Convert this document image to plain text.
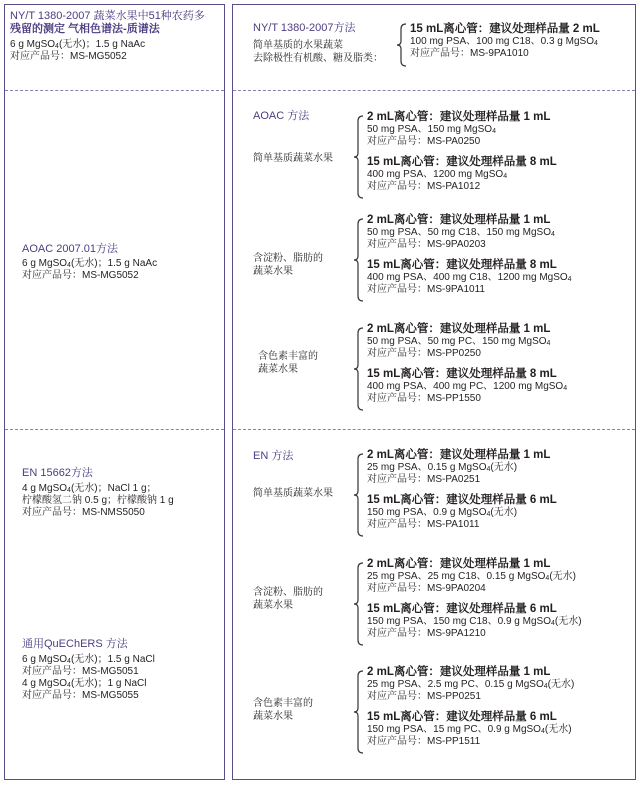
NY/T 1380-2007 蔬菜水果中51种农药多
残留的测定 气相色谱法-质谱法
6 g MgSO$_4$(无水)；1.5 g NaAc
对应产品号：MS-MG5052
AOAC 2007.01方法
6 g MgSO$_4$(无水)；1.5 g NaAc
对应产品号：MS-MG5052
EN 15662方法
4 g MgSO$_4$(无水)；NaCl 1 g；
柠檬酸氢二钠 0.5 g；柠檬酸钠 1 g
对应产品号：MS-NMS5050
通用QuEChERS 方法
6 g MgSO$_4$(无水)；1.5 g NaCl
对应产品号：MS-MG5051
4 g MgSO$_4$(无水)；1 g NaCl
对应产品号：MS-MG5055
NY/T 1380-2007方法
简单基质的水果蔬菜
去除极性有机酸、糖及脂类：
15 mL离心管：建议处理样品量 2 mL
100 mg PSA、100 mg C18、0.3 g MgSO$_4$
对应产品号：MS-9PA1010
AOAC 方法
简单基质蔬菜水果
2 mL离心管：建议处理样品量 1 mL
50 mg PSA、150 mg MgSO$_4$
对应产品号：MS-PA0250
15 mL离心管：建议处理样品量 8 mL
400 mg PSA、1200 mg MgSO$_4$
对应产品号：MS-PA1012
含淀粉、脂肪的
蔬菜水果
2 mL离心管：建议处理样品量 1 mL
50 mg PSA、50 mg C18、150 mg MgSO$_4$
对应产品号：MS-9PA0203
15 mL离心管：建议处理样品量 8 mL
400 mg PSA、400 mg C18、1200 mg MgSO$_4$
对应产品号：MS-9PA1011
含色素丰富的
蔬菜水果
2 mL离心管：建议处理样品量 1 mL
50 mg PSA、50 mg PC、150 mg MgSO$_4$
对应产品号：MS-PP0250
15 mL离心管：建议处理样品量 8 mL
400 mg PSA、400 mg PC、1200 mg MgSO$_4$
对应产品号：MS-PP1550
EN 方法
简单基质蔬菜水果
2 mL离心管：建议处理样品量 1 mL
25 mg PSA、0.15 g MgSO$_4$(无水)
对应产品号：MS-PA0251
15 mL离心管：建议处理样品量 6 mL
150 mg PSA、0.9 g MgSO$_4$(无水)
对应产品号：MS-PA1011
含淀粉、脂肪的
蔬菜水果
2 mL离心管：建议处理样品量 1 mL
25 mg PSA、25 mg C18、0.15 g MgSO$_4$(无水)
对应产品号：MS-9PA0204
15 mL离心管：建议处理样品量 6 mL
150 mg PSA、150 mg C18、0.9 g MgSO$_4$(无水)
对应产品号：MS-9PA1210
含色素丰富的
蔬菜水果
2 mL离心管：建议处理样品量 1 mL
25 mg PSA、2.5 mg PC、0.15 g MgSO$_4$(无水)
对应产品号：MS-PP0251
15 mL离心管：建议处理样品量 6 mL
150 mg PSA、15 mg PC、0.9 g MgSO$_4$(无水)
对应产品号：MS-PP1511
